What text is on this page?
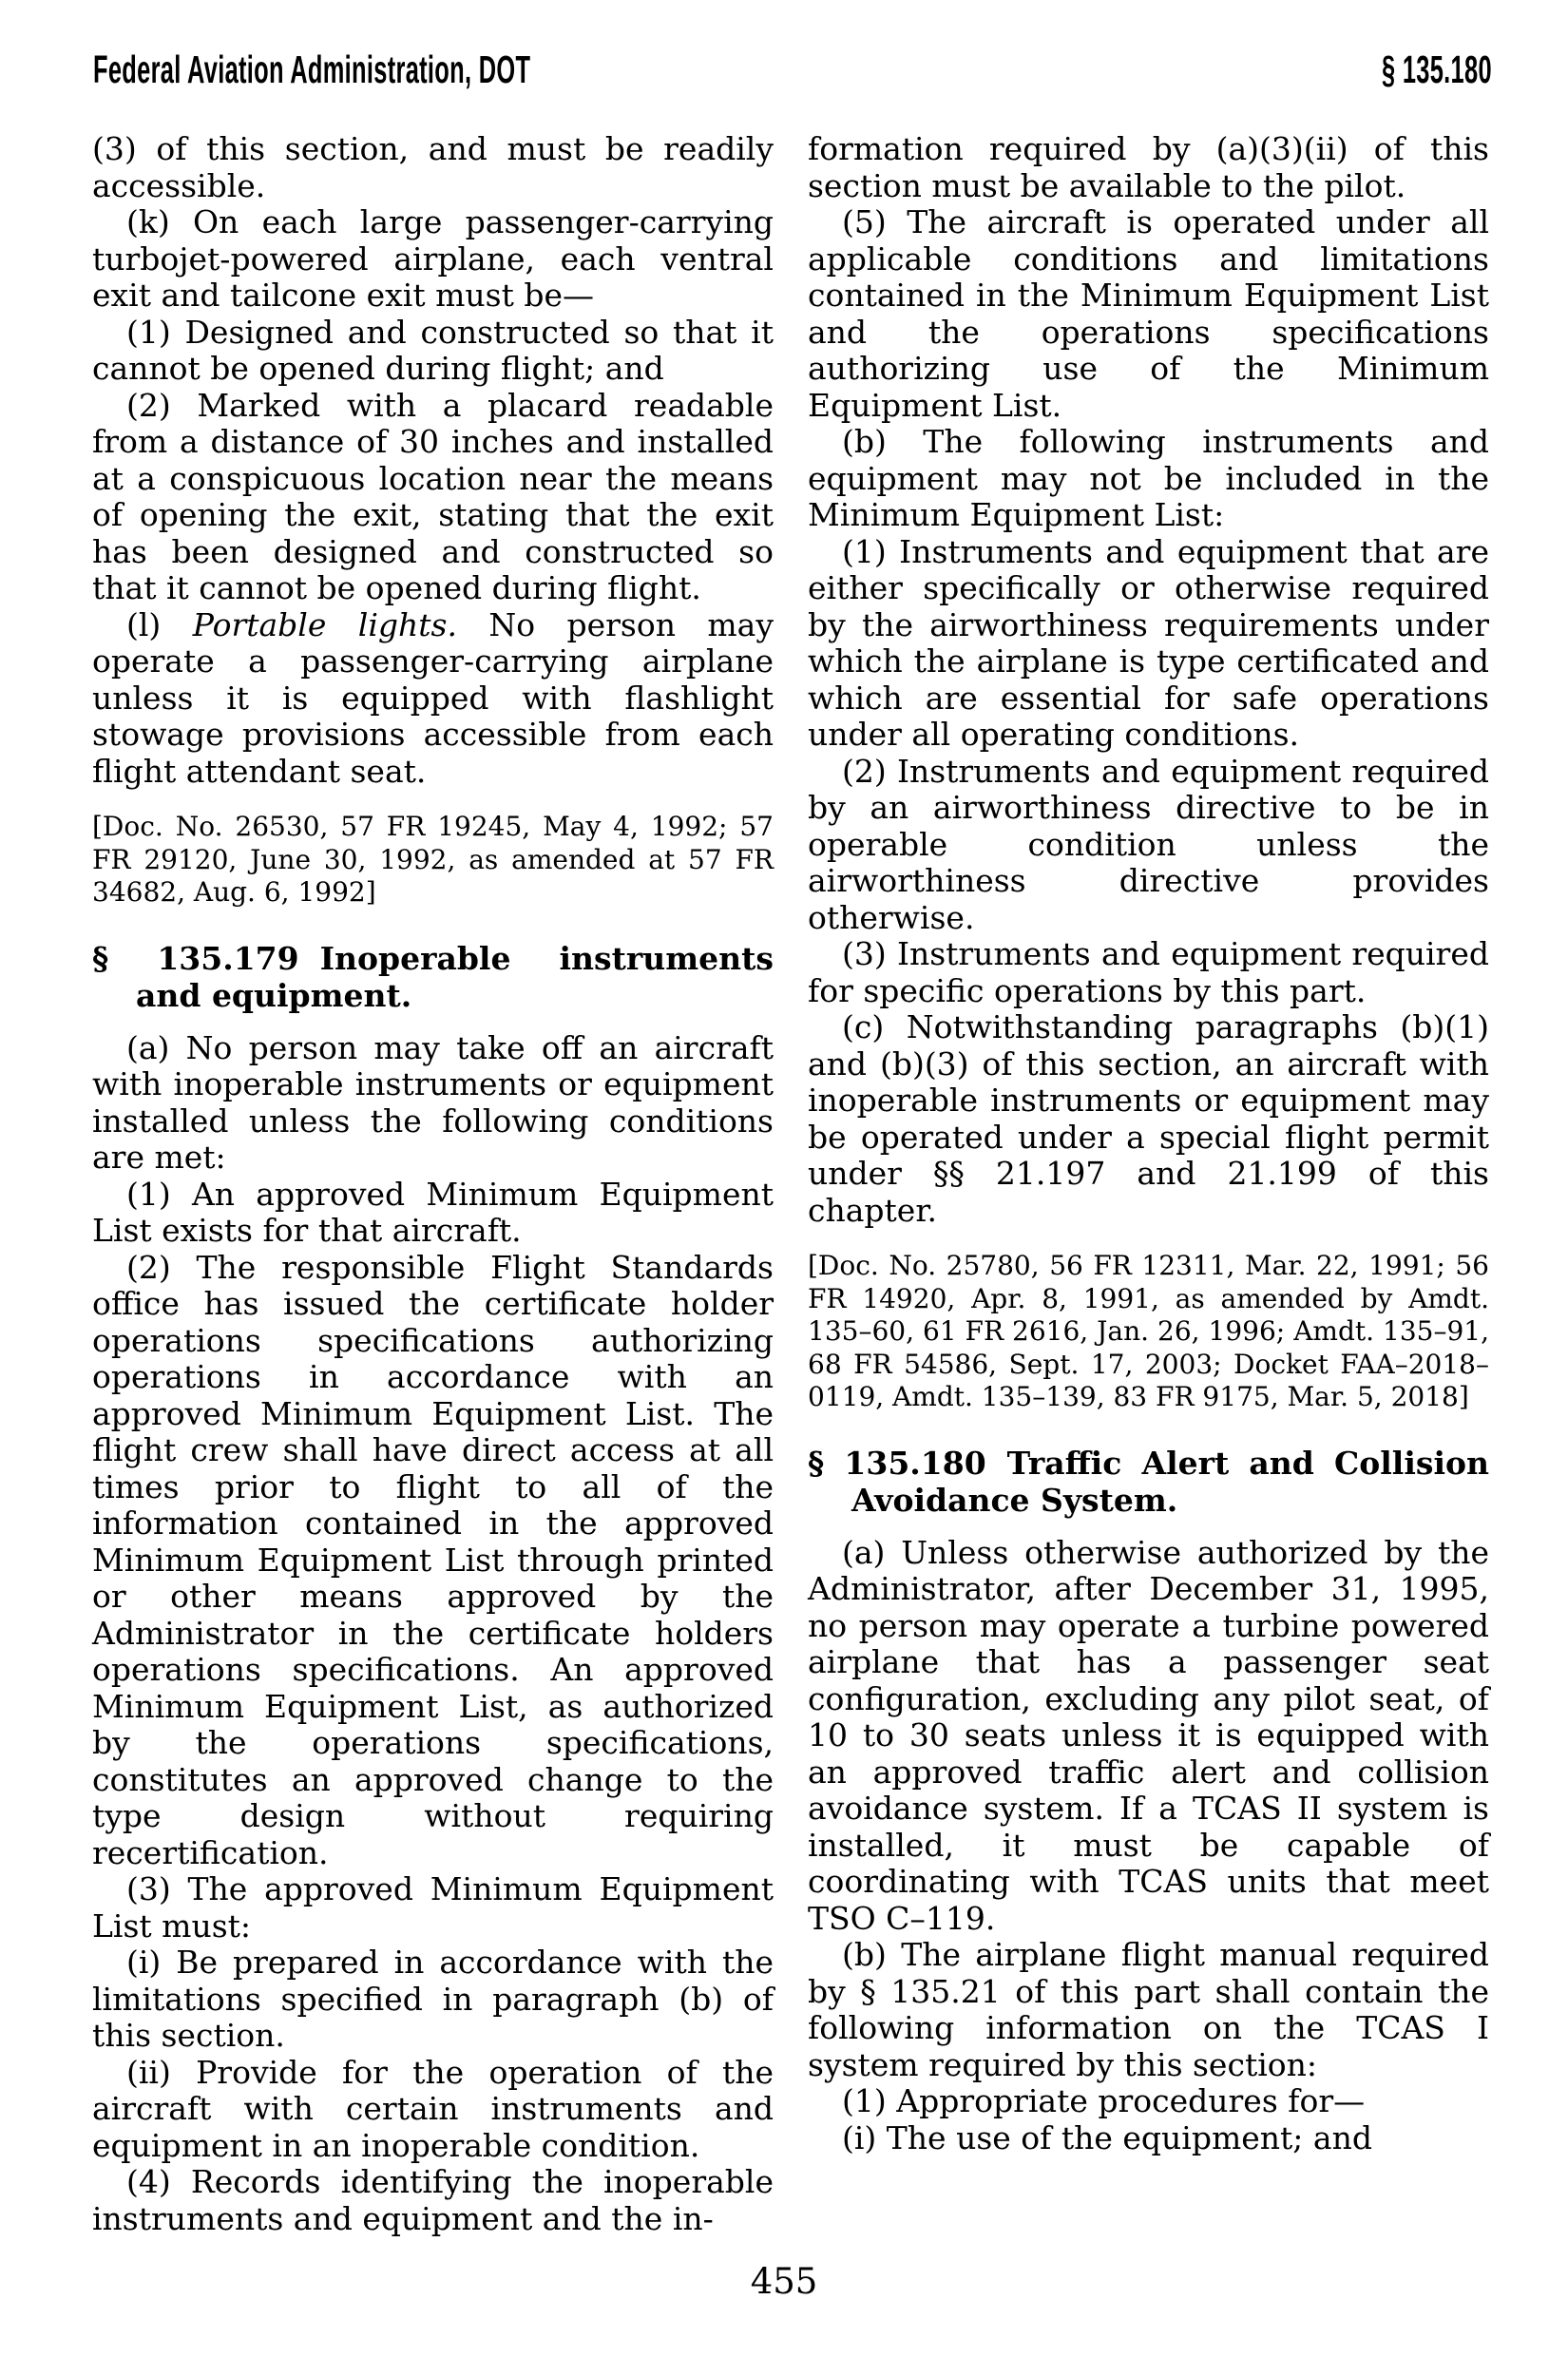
Federal Aviation Administration, DOT	§ 135.180

(3) of this section, and must be readily accessible.

(k) On each large passenger-carrying turbojet-powered airplane, each ventral exit and tailcone exit must be—

(1) Designed and constructed so that it cannot be opened during flight; and

(2) Marked with a placard readable from a distance of 30 inches and installed at a conspicuous location near the means of opening the exit, stating that the exit has been designed and constructed so that it cannot be opened during flight.

(l) Portable lights. No person may operate a passenger-carrying airplane unless it is equipped with flashlight stowage provisions accessible from each flight attendant seat.

[Doc. No. 26530, 57 FR 19245, May 4, 1992; 57 FR 29120, June 30, 1992, as amended at 57 FR 34682, Aug. 6, 1992]

§ 135.179 Inoperable instruments and equipment.

(a) No person may take off an aircraft with inoperable instruments or equipment installed unless the following conditions are met:

(1) An approved Minimum Equipment List exists for that aircraft.

(2) The responsible Flight Standards office has issued the certificate holder operations specifications authorizing operations in accordance with an approved Minimum Equipment List. The flight crew shall have direct access at all times prior to flight to all of the information contained in the approved Minimum Equipment List through printed or other means approved by the Administrator in the certificate holders operations specifications. An approved Minimum Equipment List, as authorized by the operations specifications, constitutes an approved change to the type design without requiring recertification.

(3) The approved Minimum Equipment List must:

(i) Be prepared in accordance with the limitations specified in paragraph (b) of this section.

(ii) Provide for the operation of the aircraft with certain instruments and equipment in an inoperable condition.

(4) Records identifying the inoperable instruments and equipment and the in-

formation required by (a)(3)(ii) of this section must be available to the pilot.

(5) The aircraft is operated under all applicable conditions and limitations contained in the Minimum Equipment List and the operations specifications authorizing use of the Minimum Equipment List.

(b) The following instruments and equipment may not be included in the Minimum Equipment List:

(1) Instruments and equipment that are either specifically or otherwise required by the airworthiness requirements under which the airplane is type certificated and which are essential for safe operations under all operating conditions.

(2) Instruments and equipment required by an airworthiness directive to be in operable condition unless the airworthiness directive provides otherwise.

(3) Instruments and equipment required for specific operations by this part.

(c) Notwithstanding paragraphs (b)(1) and (b)(3) of this section, an aircraft with inoperable instruments or equipment may be operated under a special flight permit under §§ 21.197 and 21.199 of this chapter.

[Doc. No. 25780, 56 FR 12311, Mar. 22, 1991; 56 FR 14920, Apr. 8, 1991, as amended by Amdt. 135–60, 61 FR 2616, Jan. 26, 1996; Amdt. 135–91, 68 FR 54586, Sept. 17, 2003; Docket FAA–2018–0119, Amdt. 135–139, 83 FR 9175, Mar. 5, 2018]

§ 135.180 Traffic Alert and Collision Avoidance System.

(a) Unless otherwise authorized by the Administrator, after December 31, 1995, no person may operate a turbine powered airplane that has a passenger seat configuration, excluding any pilot seat, of 10 to 30 seats unless it is equipped with an approved traffic alert and collision avoidance system. If a TCAS II system is installed, it must be capable of coordinating with TCAS units that meet TSO C–119.

(b) The airplane flight manual required by § 135.21 of this part shall contain the following information on the TCAS I system required by this section:

(1) Appropriate procedures for—

(i) The use of the equipment; and

455
